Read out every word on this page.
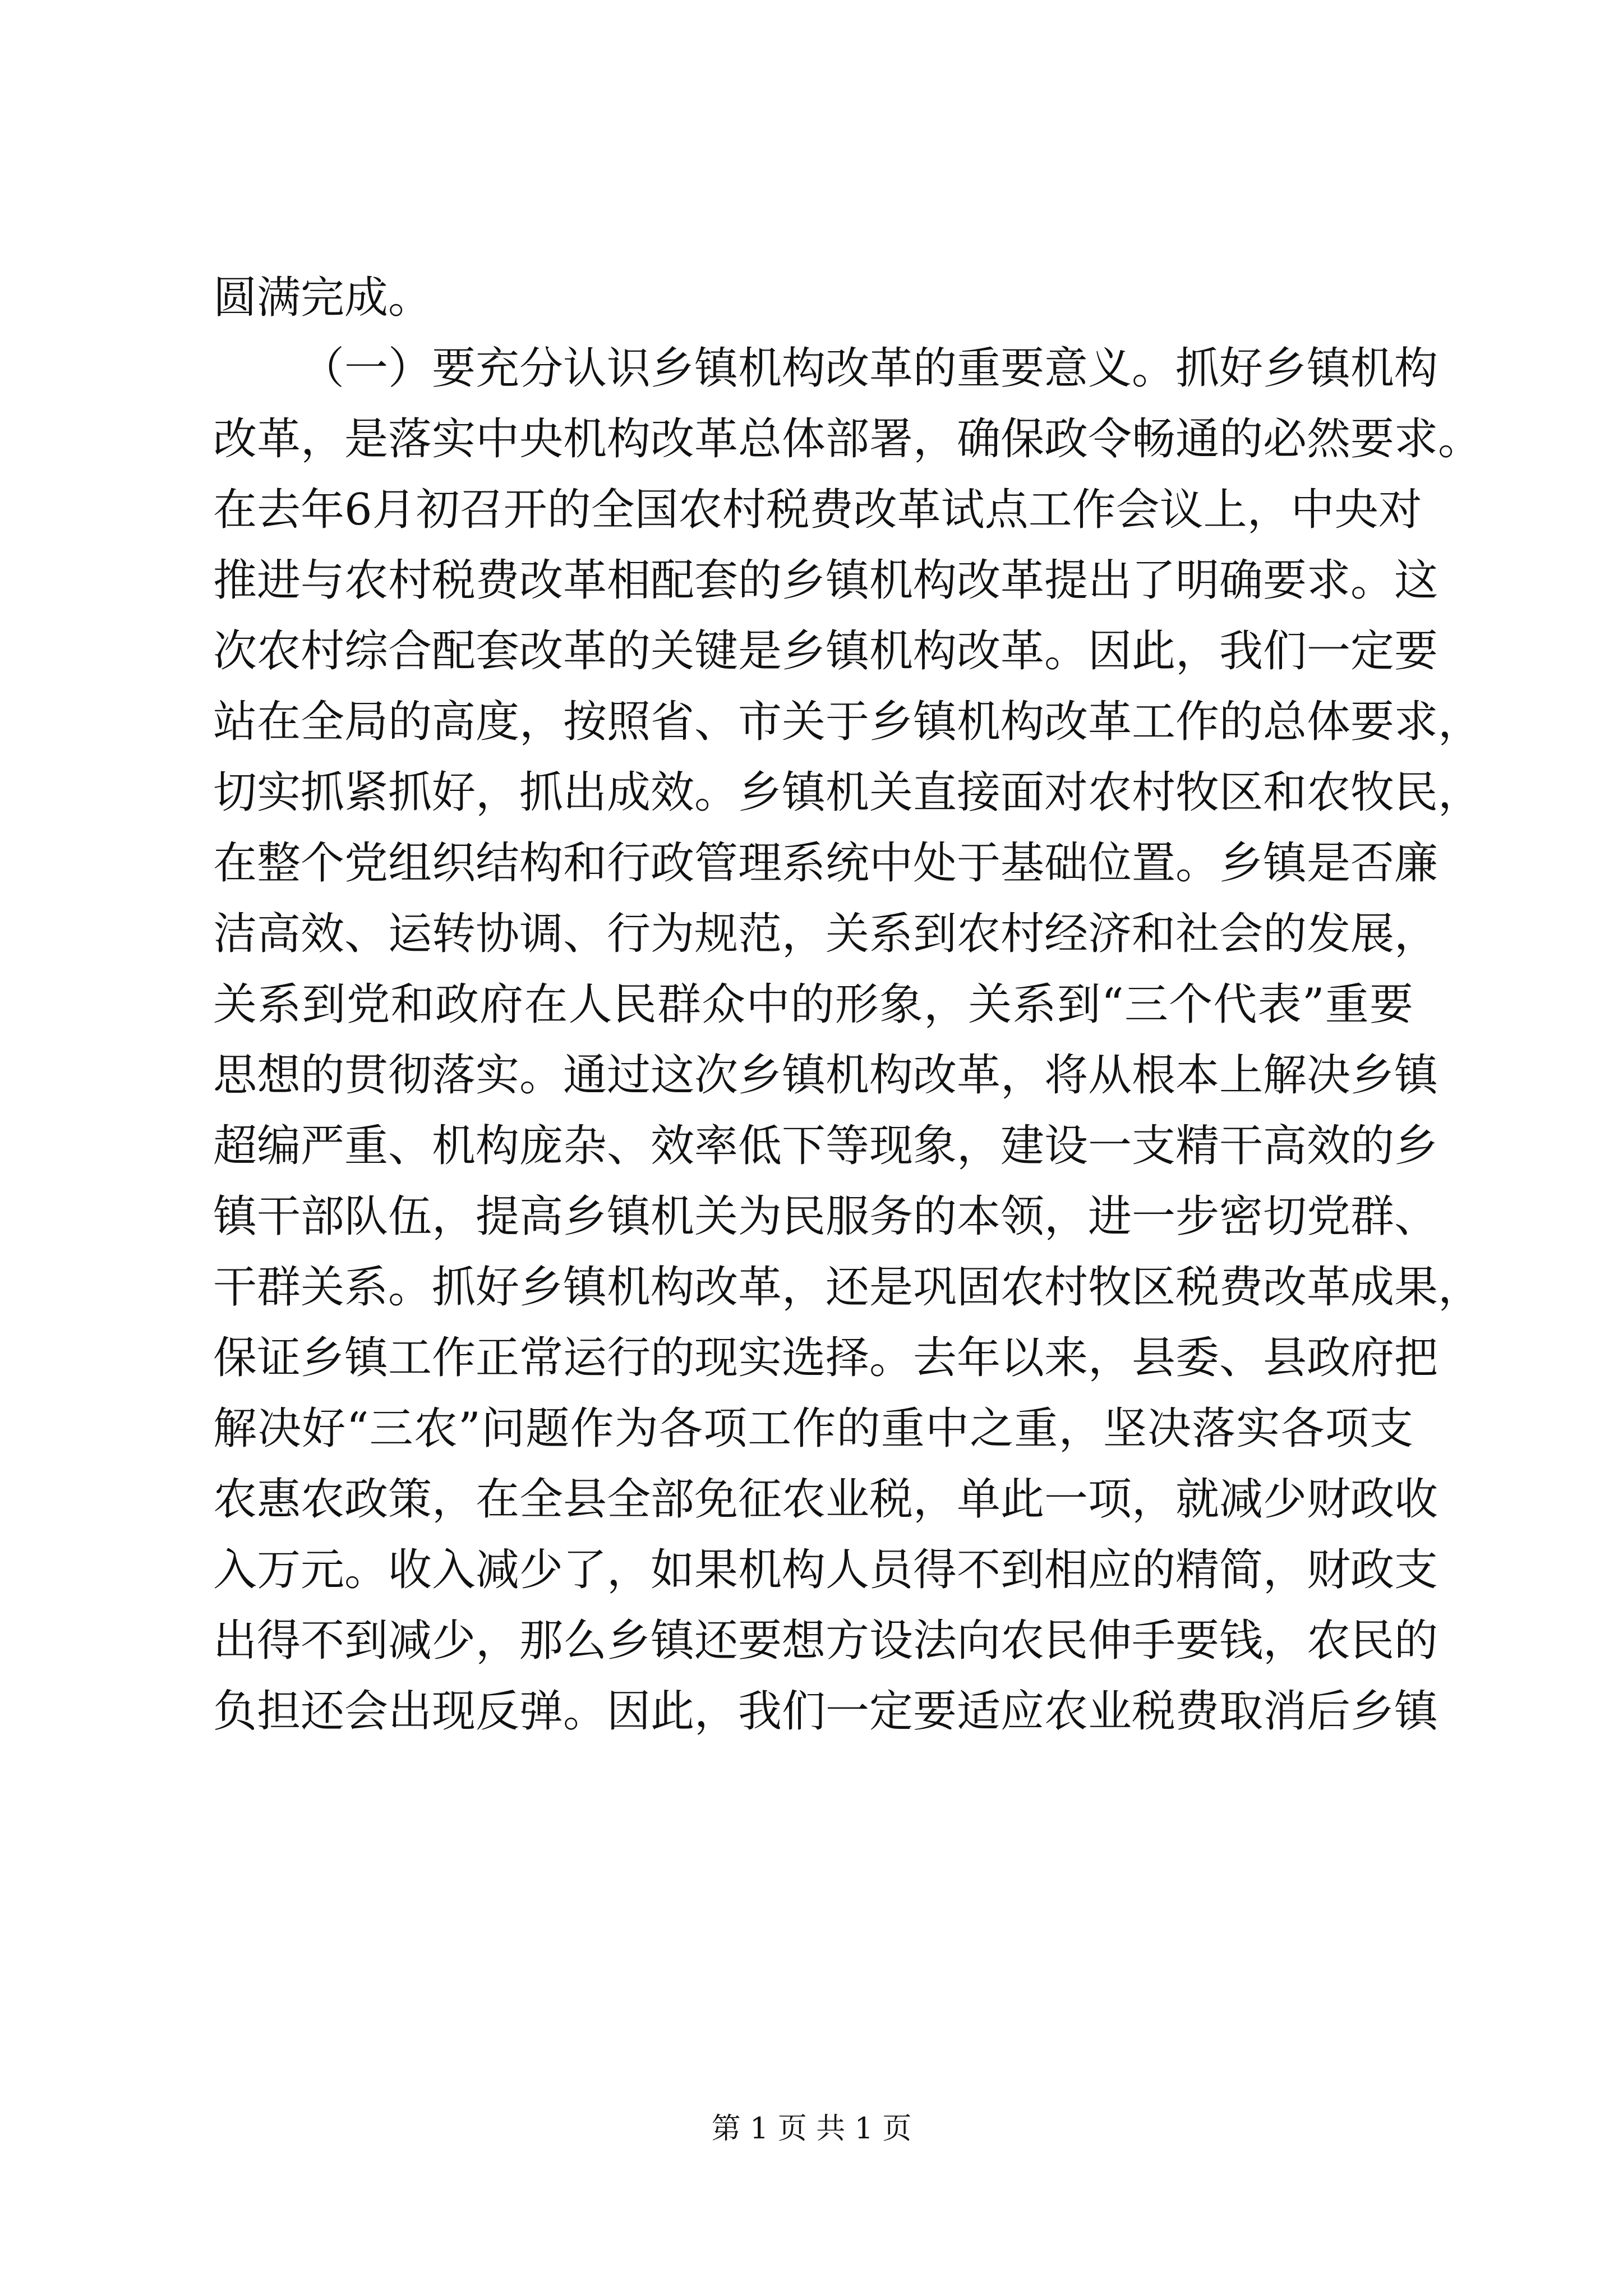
圆满完成。
（一）要充分认识乡镇机构改革的重要意义。抓好乡镇机构
改革，是落实中央机构改革总体部署，确保政令畅通的必然要求。
在去年6月初召开的全国农村税费改革试点工作会议上，中央对
推进与农村税费改革相配套的乡镇机构改革提出了明确要求。这
次农村综合配套改革的关键是乡镇机构改革。因此，我们一定要
站在全局的高度，按照省、市关于乡镇机构改革工作的总体要求，
切实抓紧抓好，抓出成效。乡镇机关直接面对农村牧区和农牧民，
在整个党组织结构和行政管理系统中处于基础位置。乡镇是否廉
洁高效、运转协调、行为规范，关系到农村经济和社会的发展，
关系到党和政府在人民群众中的形象，关系到“三个代表”重要
思想的贯彻落实。通过这次乡镇机构改革，将从根本上解决乡镇
超编严重、机构庞杂、效率低下等现象，建设一支精干高效的乡
镇干部队伍，提高乡镇机关为民服务的本领，进一步密切党群、
干群关系。抓好乡镇机构改革，还是巩固农村牧区税费改革成果，
保证乡镇工作正常运行的现实选择。去年以来，县委、县政府把
解决好“三农”问题作为各项工作的重中之重，坚决落实各项支
农惠农政策，在全县全部免征农业税，单此一项，就减少财政收
入万元。收入减少了，如果机构人员得不到相应的精简，财政支
出得不到减少，那么乡镇还要想方设法向农民伸手要钱，农民的
负担还会出现反弹。因此，我们一定要适应农业税费取消后乡镇
第 1 页 共 1 页
